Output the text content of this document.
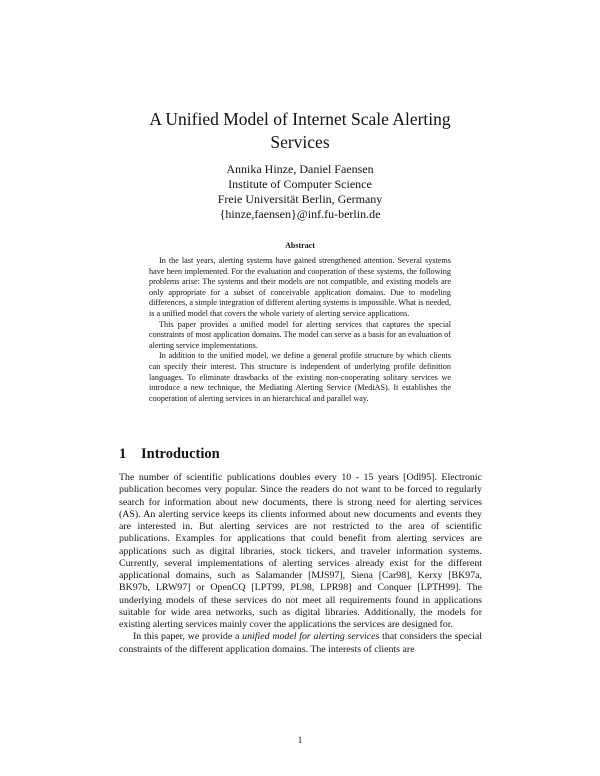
A Unified Model of Internet Scale Alerting
Services
Annika Hinze, Daniel Faensen
Institute of Computer Science
Freie Universität Berlin, Germany
{hinze,faensen}@inf.fu-berlin.de
Abstract

In the last years, alerting systems have gained strengthened attention. Several systems have been implemented. For the evaluation and cooperation of these systems, the following problems arise: The systems and their models are not compatible, and existing models are only appropriate for a subset of conceivable application domains. Due to modeling differences, a simple integration of different alerting systems is impossible. What is needed, is a unified model that covers the whole variety of alerting service applications.

This paper provides a unified model for alerting services that captures the special constraints of most application domains. The model can serve as a basis for an evaluation of alerting service implementations.

In addition to the unified model, we define a general profile structure by which clients can specify their interest. This structure is independent of underlying profile definition languages. To eliminate drawbacks of the existing non-cooperating solitary services we introduce a new technique, the Mediating Alerting Service (MediAS). It establishes the cooperation of alerting services in an hierarchical and parallel way.

1 Introduction

The number of scientific publications doubles every 10 - 15 years [Odl95]. Electronic publication becomes very popular. Since the readers do not want to be forced to regularly search for information about new documents, there is strong need for alerting services (AS). An alerting service keeps its clients informed about new documents and events they are interested in. But alerting services are not restricted to the area of scientific publications. Examples for applications that could benefit from alerting services are applications such as digital libraries, stock tickers, and traveler information systems. Currently, several implementations of alerting services already exist for the different applicational domains, such as Salamander [MJS97], Siena [Car98], Kerxy [BK97a, BK97b, LRW97] or OpenCQ [LPT99, PL98, LPR98] and Conquer [LPTH99]. The underlying models of these services do not meet all requirements found in applications suitable for wide area networks, such as digital libraries. Additionally, the models for existing alerting services mainly cover the applications the services are designed for.

In this paper, we provide a unified model for alerting services that considers the special constraints of the different application domains. The interests of clients are

1
